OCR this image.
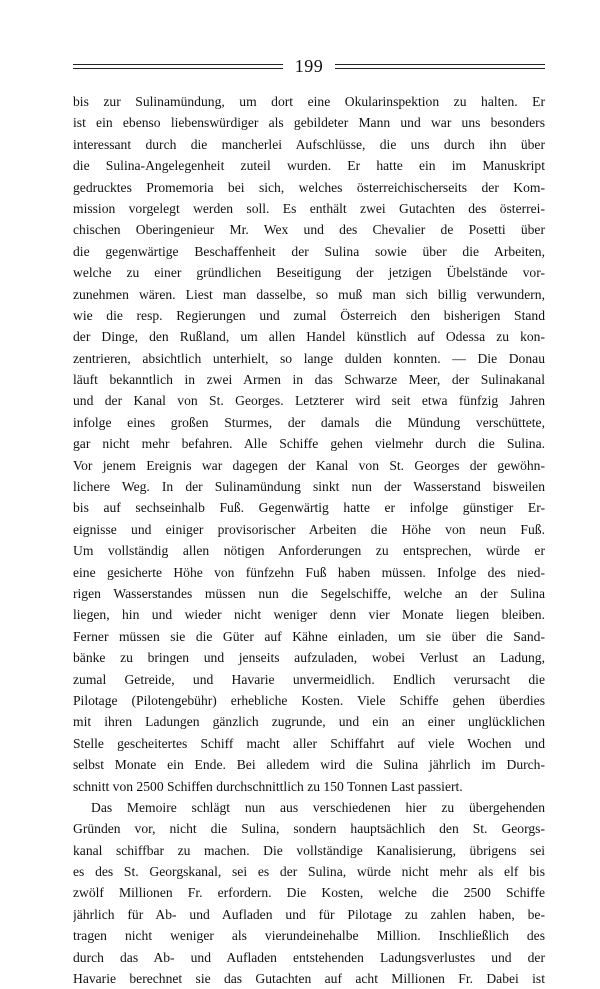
199
bis zur Sulinamündung, um dort eine Okularinspektion zu halten. Er
ist ein ebenso liebenswürdiger als gebildeter Mann und war uns besonders
interessant durch die mancherlei Aufschlüsse, die uns durch ihn über
die Sulina-Angelegenheit zuteil wurden. Er hatte ein im Manuskript
gedrucktes Promemoria bei sich, welches österreichischerseits der Kom-
mission vorgelegt werden soll. Es enthält zwei Gutachten des österrei-
chischen Oberingenieur Mr. Wex und des Chevalier de Posetti über
die gegenwärtige Beschaffenheit der Sulina sowie über die Arbeiten,
welche zu einer gründlichen Beseitigung der jetzigen Übelstände vor-
zunehmen wären. Liest man dasselbe, so muß man sich billig verwundern,
wie die resp. Regierungen und zumal Österreich den bisherigen Stand
der Dinge, den Rußland, um allen Handel künstlich auf Odessa zu kon-
zentrieren, absichtlich unterhielt, so lange dulden konnten. — Die Donau
läuft bekanntlich in zwei Armen in das Schwarze Meer, der Sulinakanal
und der Kanal von St. Georges. Letzterer wird seit etwa fünfzig Jahren
infolge eines großen Sturmes, der damals die Mündung verschüttete,
gar nicht mehr befahren. Alle Schiffe gehen vielmehr durch die Sulina.
Vor jenem Ereignis war dagegen der Kanal von St. Georges der gewöhn-
lichere Weg. In der Sulinamündung sinkt nun der Wasserstand bisweilen
bis auf sechseinhalb Fuß. Gegenwärtig hatte er infolge günstiger Er-
eignisse und einiger provisorischer Arbeiten die Höhe von neun Fuß.
Um vollständig allen nötigen Anforderungen zu entsprechen, würde er
eine gesicherte Höhe von fünfzehn Fuß haben müssen. Infolge des nied-
rigen Wasserstandes müssen nun die Segelschiffe, welche an der Sulina
liegen, hin und wieder nicht weniger denn vier Monate liegen bleiben.
Ferner müssen sie die Güter auf Kähne einladen, um sie über die Sand-
bänke zu bringen und jenseits aufzuladen, wobei Verlust an Ladung,
zumal Getreide, und Havarie unvermeidlich. Endlich verursacht die
Pilotage (Pilotengebühr) erhebliche Kosten. Viele Schiffe gehen überdies
mit ihren Ladungen gänzlich zugrunde, und ein an einer unglücklichen
Stelle gescheitertes Schiff macht aller Schiffahrt auf viele Wochen und
selbst Monate ein Ende. Bei alledem wird die Sulina jährlich im Durch-
schnitt von 2500 Schiffen durchschnittlich zu 150 Tonnen Last passiert.
Das Memoire schlägt nun aus verschiedenen hier zu übergehenden
Gründen vor, nicht die Sulina, sondern hauptsächlich den St. Georgs-
kanal schiffbar zu machen. Die vollständige Kanalisierung, übrigens sei
es des St. Georgskanal, sei es der Sulina, würde nicht mehr als elf bis
zwölf Millionen Fr. erfordern. Die Kosten, welche die 2500 Schiffe
jährlich für Ab- und Aufladen und für Pilotage zu zahlen haben, be-
tragen nicht weniger als vierundeinehalbe Million. Inschließlich des
durch das Ab- und Aufladen entstehenden Ladungsverlustes und der
Havarie berechnet sie das Gutachten auf acht Millionen Fr. Dabei ist
